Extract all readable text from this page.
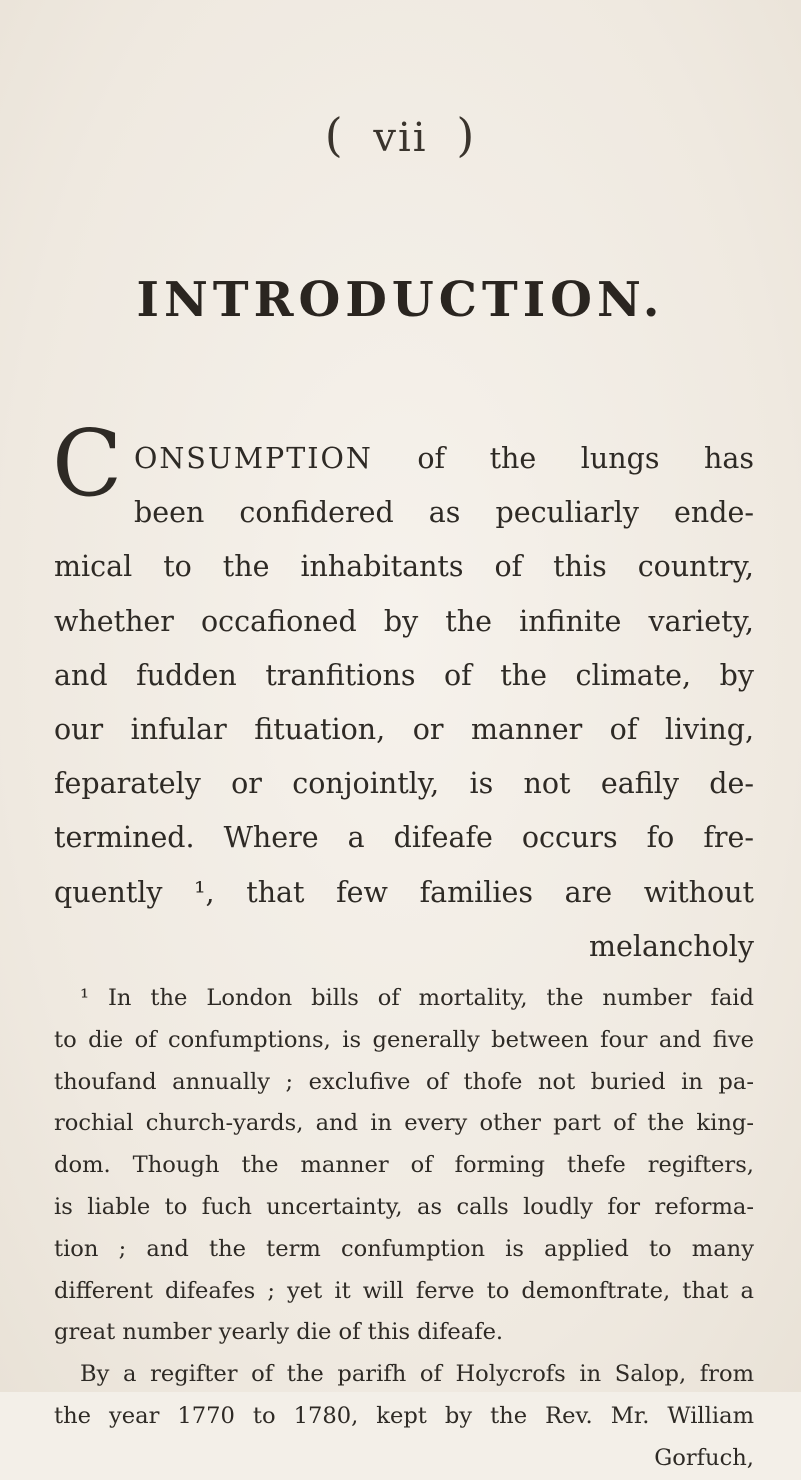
( vii )
INTRODUCTION.
C ONSUMPTION of the lungs has
been confidered as peculiarly ende-
mical to the inhabitants of this country,
whether occafioned by the infinite variety,
and fudden tranfitions of the climate, by
our infular fituation, or manner of living,
feparately or conjointly, is not eafily de-
termined. Where a difeafe occurs fo fre-
quently ¹, that few families are without
melancholy
¹ In the London bills of mortality, the number faid
to die of confumptions, is generally between four and five
thoufand annually ; exclufive of thofe not buried in pa-
rochial church-yards, and in every other part of the king-
dom. Though the manner of forming thefe regifters,
is liable to fuch uncertainty, as calls loudly for reforma-
tion ; and the term confumption is applied to many
different difeafes ; yet it will ferve to demonftrate, that a
great number yearly die of this difeafe.
By a regifter of the parifh of Holycrofs in Salop, from
the year 1770 to 1780, kept by the Rev. Mr. William
Gorfuch,
